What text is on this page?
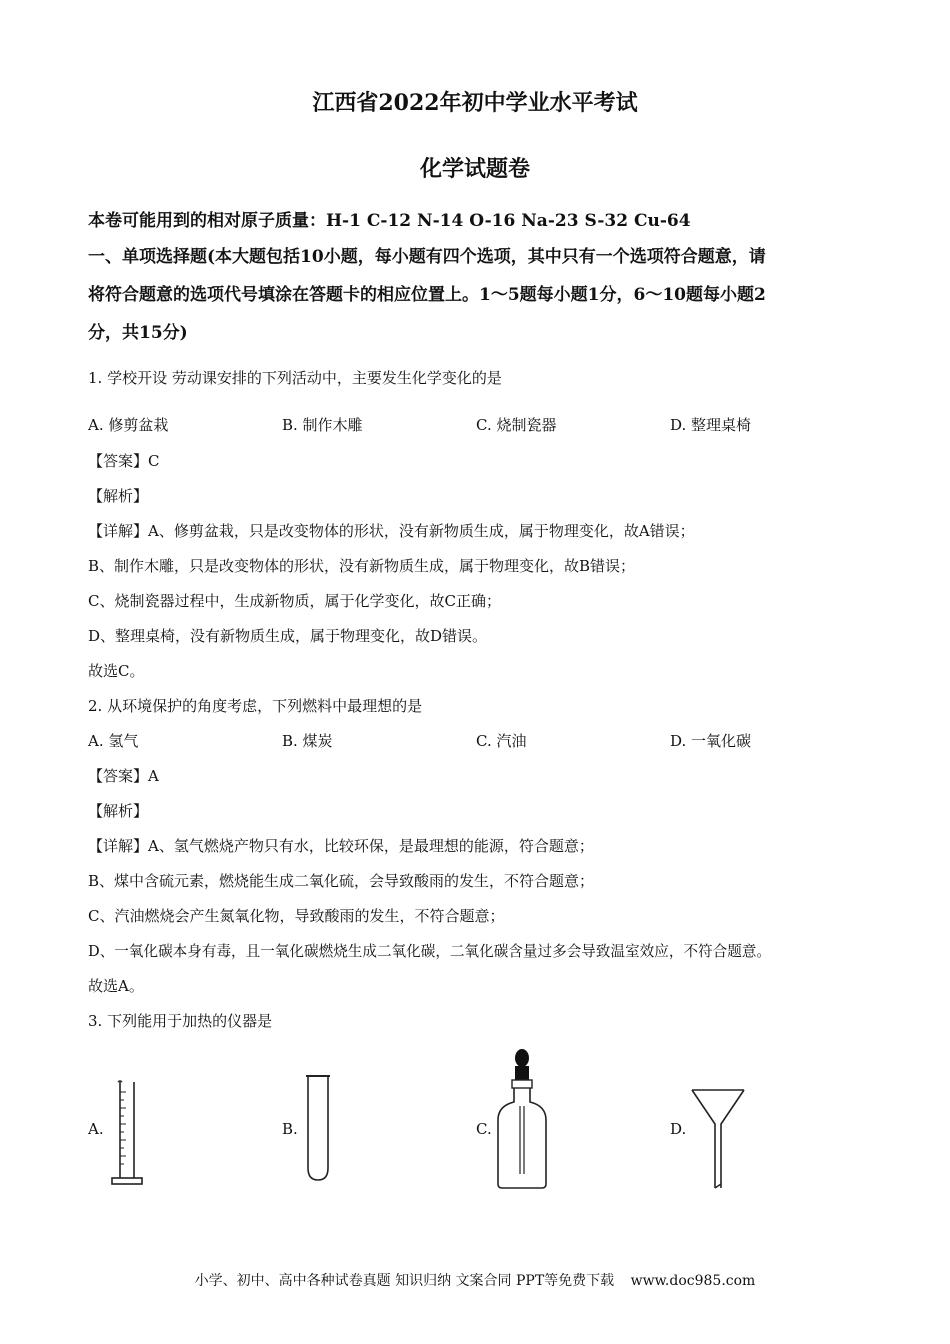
江西省2022年初中学业水平考试
化学试题卷
本卷可能用到的相对原子质量：H-1 C-12 N-14 O-16 Na-23 S-32 Cu-64
一、单项选择题(本大题包括10小题，每小题有四个选项，其中只有一个选项符合题意，请
将符合题意的选项代号填涂在答题卡的相应位置上。1～5题每小题1分，6～10题每小题2
分，共15分)
1. 学校开设 劳动课安排的下列活动中，主要发生化学变化的是
A. 修剪盆栽	B. 制作木雕	C. 烧制瓷器	D. 整理桌椅
【答案】C
【解析】
【详解】A、修剪盆栽，只是改变物体的形状，没有新物质生成，属于物理变化，故A错误；
B、制作木雕，只是改变物体的形状，没有新物质生成，属于物理变化，故B错误；
C、烧制瓷器过程中，生成新物质，属于化学变化，故C正确；
D、整理桌椅，没有新物质生成，属于物理变化，故D错误。
故选C。
2. 从环境保护的角度考虑，下列燃料中最理想的是
A. 氢气	B. 煤炭	C. 汽油	D. 一氧化碳
【答案】A
【解析】
【详解】A、氢气燃烧产物只有水，比较环保，是最理想的能源，符合题意；
B、煤中含硫元素，燃烧能生成二氧化硫，会导致酸雨的发生，不符合题意；
C、汽油燃烧会产生氮氧化物，导致酸雨的发生，不符合题意；
D、一氧化碳本身有毒，且一氧化碳燃烧生成二氧化碳，二氧化碳含量过多会导致温室效应，不符合题意。
故选A。
3. 下列能用于加热的仪器是
A.	B.	C.	D.
小学、初中、高中各种试卷真题 知识归纳 文案合同 PPT等免费下载 www.doc985.com
